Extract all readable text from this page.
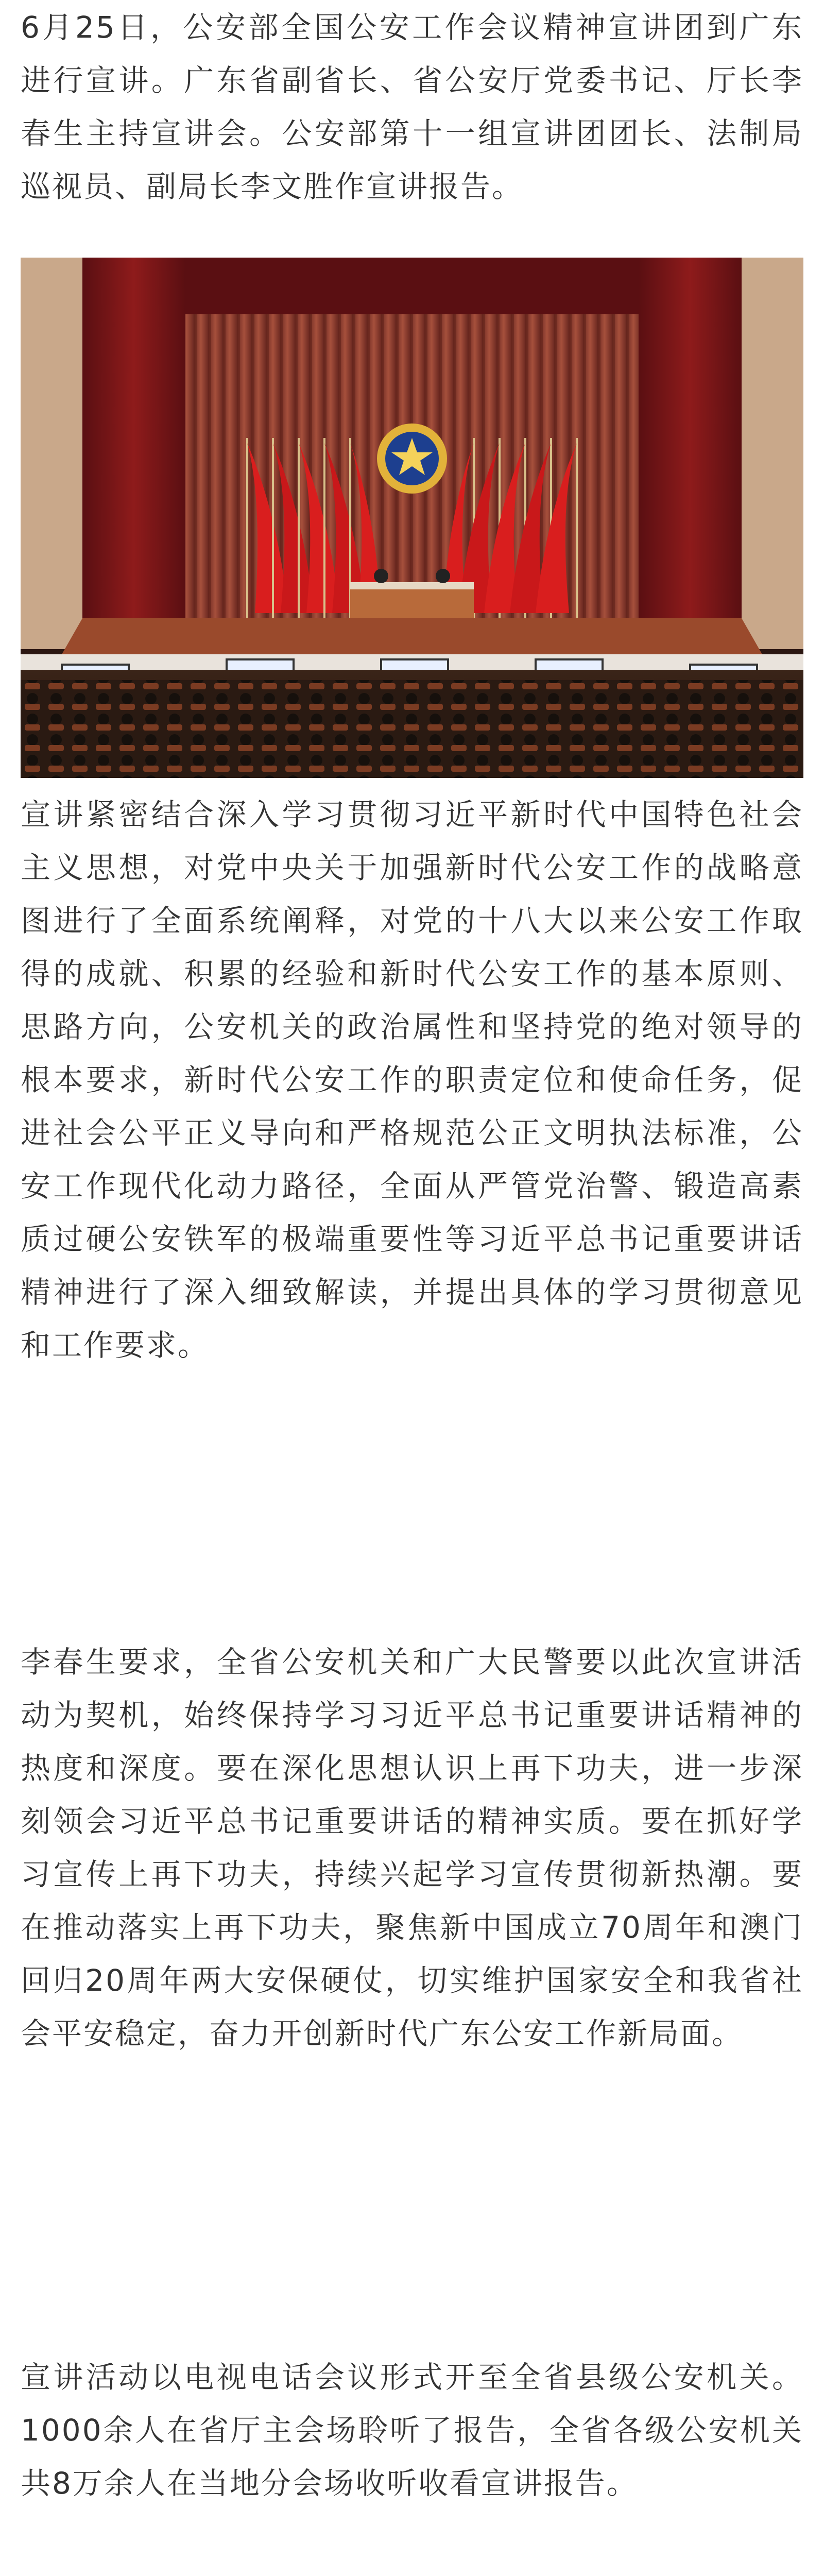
6月25日，公安部全国公安工作会议精神宣讲团到广东进行宣讲。广东省副省长、省公安厅党委书记、厅长李春生主持宣讲会。公安部第十一组宣讲团团长、法制局巡视员、副局长李文胜作宣讲报告。

宣讲紧密结合深入学习贯彻习近平新时代中国特色社会主义思想，对党中央关于加强新时代公安工作的战略意图进行了全面系统阐释，对党的十八大以来公安工作取得的成就、积累的经验和新时代公安工作的基本原则、思路方向，公安机关的政治属性和坚持党的绝对领导的根本要求，新时代公安工作的职责定位和使命任务，促进社会公平正义导向和严格规范公正文明执法标准，公安工作现代化动力路径，全面从严管党治警、锻造高素质过硬公安铁军的极端重要性等习近平总书记重要讲话精神进行了深入细致解读，并提出具体的学习贯彻意见和工作要求。

李春生要求，全省公安机关和广大民警要以此次宣讲活动为契机，始终保持学习习近平总书记重要讲话精神的热度和深度。要在深化思想认识上再下功夫，进一步深刻领会习近平总书记重要讲话的精神实质。要在抓好学习宣传上再下功夫，持续兴起学习宣传贯彻新热潮。要在推动落实上再下功夫，聚焦新中国成立70周年和澳门回归20周年两大安保硬仗，切实维护国家安全和我省社会平安稳定，奋力开创新时代广东公安工作新局面。

宣讲活动以电视电话会议形式开至全省县级公安机关。1000余人在省厅主会场聆听了报告，全省各级公安机关共8万余人在当地分会场收听收看宣讲报告。
